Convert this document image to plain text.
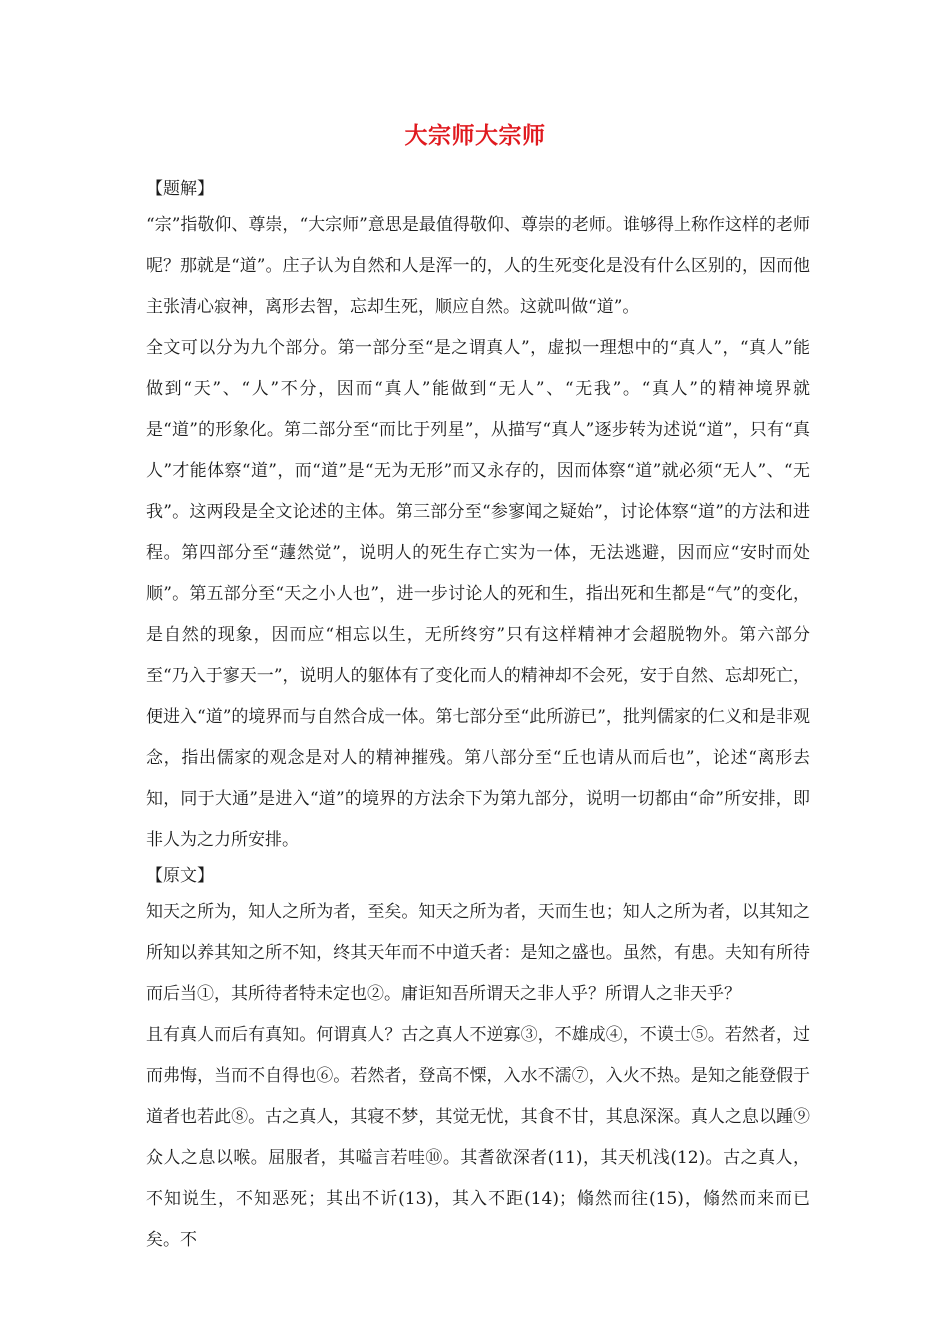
大宗师大宗师
【题解】

“宗”指敬仰、尊崇，“大宗师”意思是最值得敬仰、尊崇的老师。谁够得上称作这样的老师呢？那就是“道”。庄子认为自然和人是浑一的，人的生死变化是没有什么区别的，因而他主张清心寂神，离形去智，忘却生死，顺应自然。这就叫做“道”。

全文可以分为九个部分。第一部分至“是之谓真人”，虚拟一理想中的“真人”，“真人”能做到“天”、“人”不分，因而“真人”能做到“无人”、“无我”。“真人”的精神境界就是“道”的形象化。第二部分至“而比于列星”，从描写“真人”逐步转为述说“道”，只有“真人”才能体察“道”，而“道”是“无为无形”而又永存的，因而体察“道”就必须“无人”、“无我”。这两段是全文论述的主体。第三部分至“参寥闻之疑始”，讨论体察“道”的方法和进程。第四部分至“蘧然觉”，说明人的死生存亡实为一体，无法逃避，因而应“安时而处顺”。第五部分至“天之小人也”，进一步讨论人的死和生，指出死和生都是“气”的变化，是自然的现象，因而应“相忘以生，无所终穷”只有这样精神才会超脱物外。第六部分至“乃入于寥天一”，说明人的躯体有了变化而人的精神却不会死，安于自然、忘却死亡，便进入“道”的境界而与自然合成一体。第七部分至“此所游已”，批判儒家的仁义和是非观念，指出儒家的观念是对人的精神摧残。第八部分至“丘也请从而后也”，论述“离形去知，同于大通”是进入“道”的境界的方法余下为第九部分，说明一切都由“命”所安排，即非人为之力所安排。

【原文】

知天之所为，知人之所为者，至矣。知天之所为者，天而生也；知人之所为者，以其知之所知以养其知之所不知，终其天年而不中道夭者：是知之盛也。虽然，有患。夫知有所待而后当①，其所待者特未定也②。庸讵知吾所谓天之非人乎？所谓人之非天乎？

且有真人而后有真知。何谓真人？古之真人不逆寡③，不雄成④，不谟士⑤。若然者，过而弗悔，当而不自得也⑥。若然者，登高不慄，入水不濡⑦，入火不热。是知之能登假于道者也若此⑧。古之真人，其寝不梦，其觉无忧，其食不甘，其息深深。真人之息以踵⑨众人之息以喉。屈服者，其嗌言若哇⑩。其耆欲深者(11)，其天机浅(12)。古之真人，不知说生，不知恶死；其出不䜣(13)，其入不距(14)；翛然而往(15)，翛然而来而已矣。不
